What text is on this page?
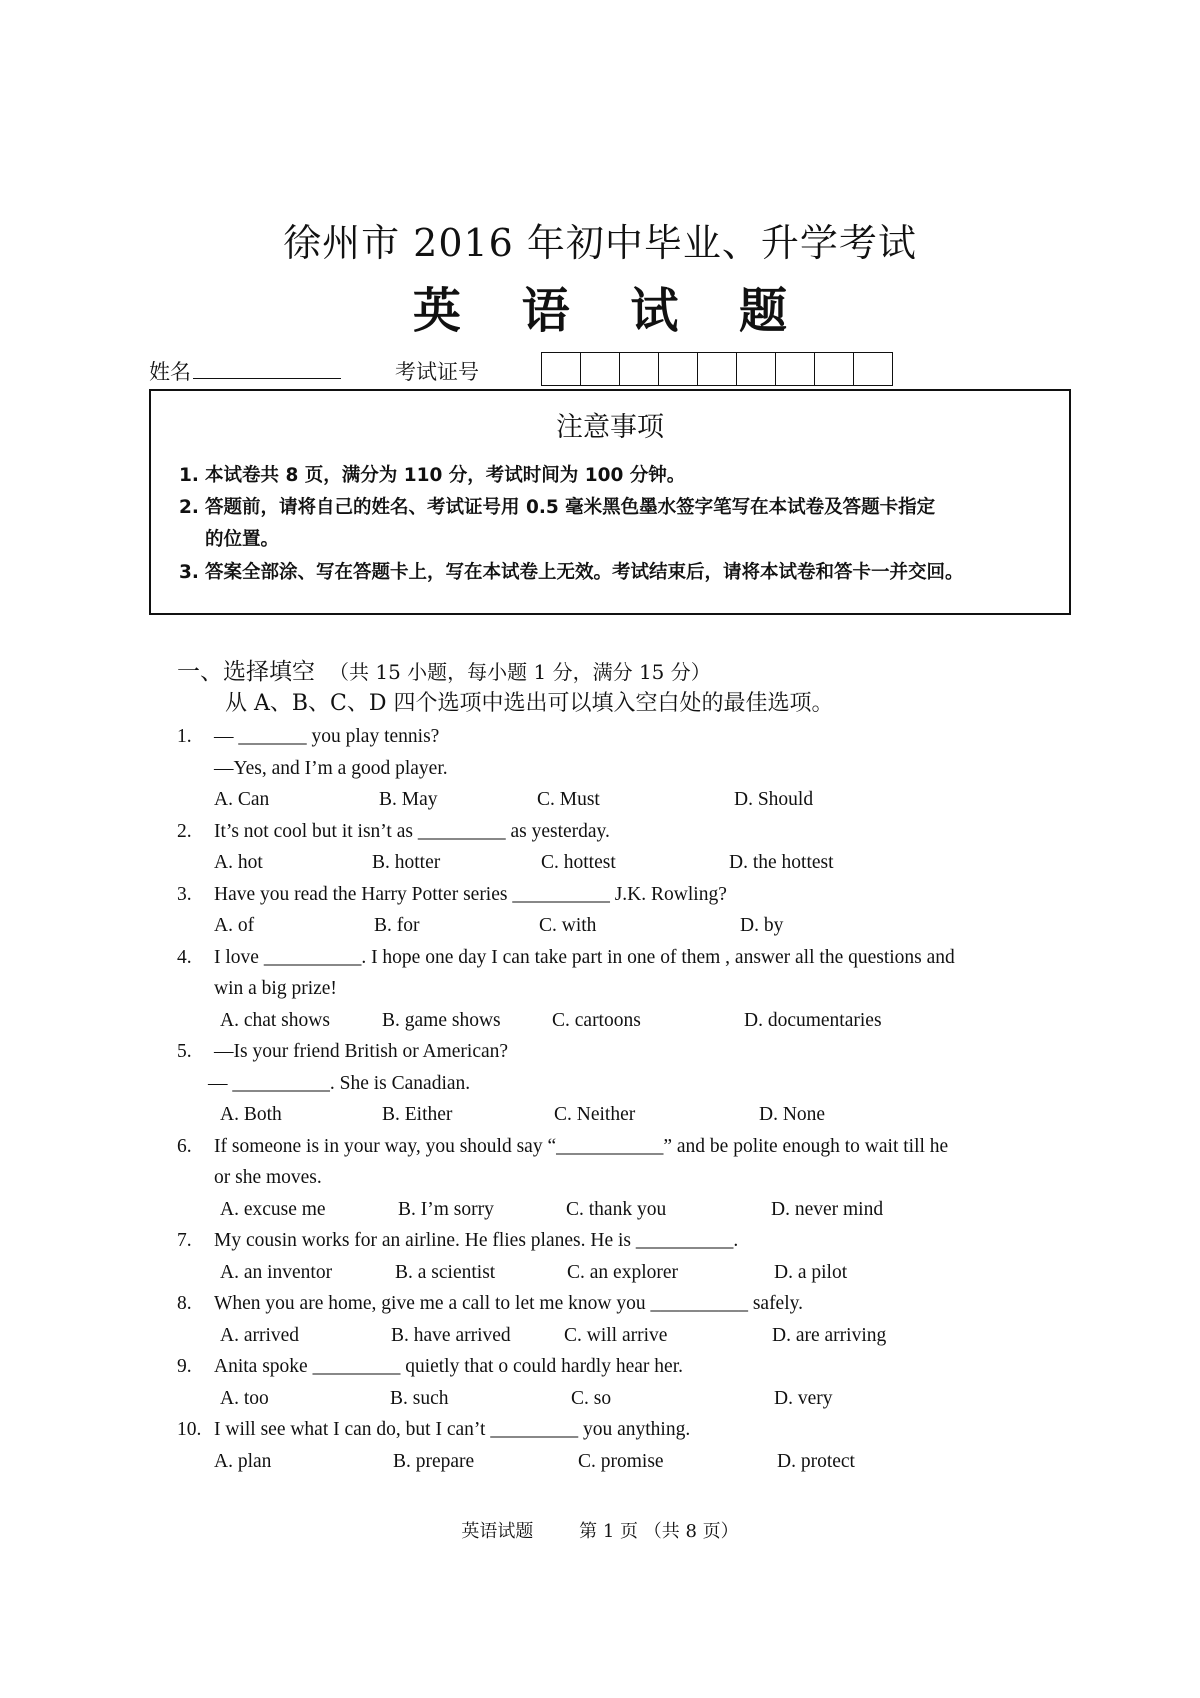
徐州市 2016 年初中毕业、升学考试
英 语 试 题
姓名	考试证号
注意事项
1. 本试卷共 8 页，满分为 110 分，考试时间为 100 分钟。
2. 答题前，请将自己的姓名、考试证号用 0.5 毫米黑色墨水签字笔写在本试卷及答题卡指定
的位置。
3. 答案全部涂、写在答题卡上，写在本试卷上无效。考试结束后，请将本试卷和答卡一并交回。
一、选择填空 （共 15 小题，每小题 1 分，满分 15 分）
从 A、B、C、D 四个选项中选出可以填入空白处的最佳选项。
1. — _______ you play tennis?
—Yes, and I’m a good player.
A. Can	B. May	C. Must	D. Should
2. It’s not cool but it isn’t as _________ as yesterday.
A. hot	B. hotter	C. hottest	D. the hottest
3. Have you read the Harry Potter series __________ J.K. Rowling?
A. of	B. for	C. with	D. by
4. I love __________. I hope one day I can take part in one of them , answer all the questions and
win a big prize!
A. chat shows	B. game shows	C. cartoons	D. documentaries
5. —Is your friend British or American?
— __________. She is Canadian.
A. Both	B. Either	C. Neither	D. None
6. If someone is in your way, you should say “___________” and be polite enough to wait till he
or she moves.
A. excuse me	B. I’m sorry	C. thank you	D. never mind
7. My cousin works for an airline. He flies planes. He is __________.
A. an inventor	B. a scientist	C. an explorer	D. a pilot
8. When you are home, give me a call to let me know you __________ safely.
A. arrived	B. have arrived	C. will arrive	D. are arriving
9. Anita spoke _________ quietly that o could hardly hear her.
A. too	B. such	C. so	D. very
10. I will see what I can do, but I can’t _________ you anything.
A. plan	B. prepare	C. promise	D. protect
英语试题	第 1 页 （共 8 页）
